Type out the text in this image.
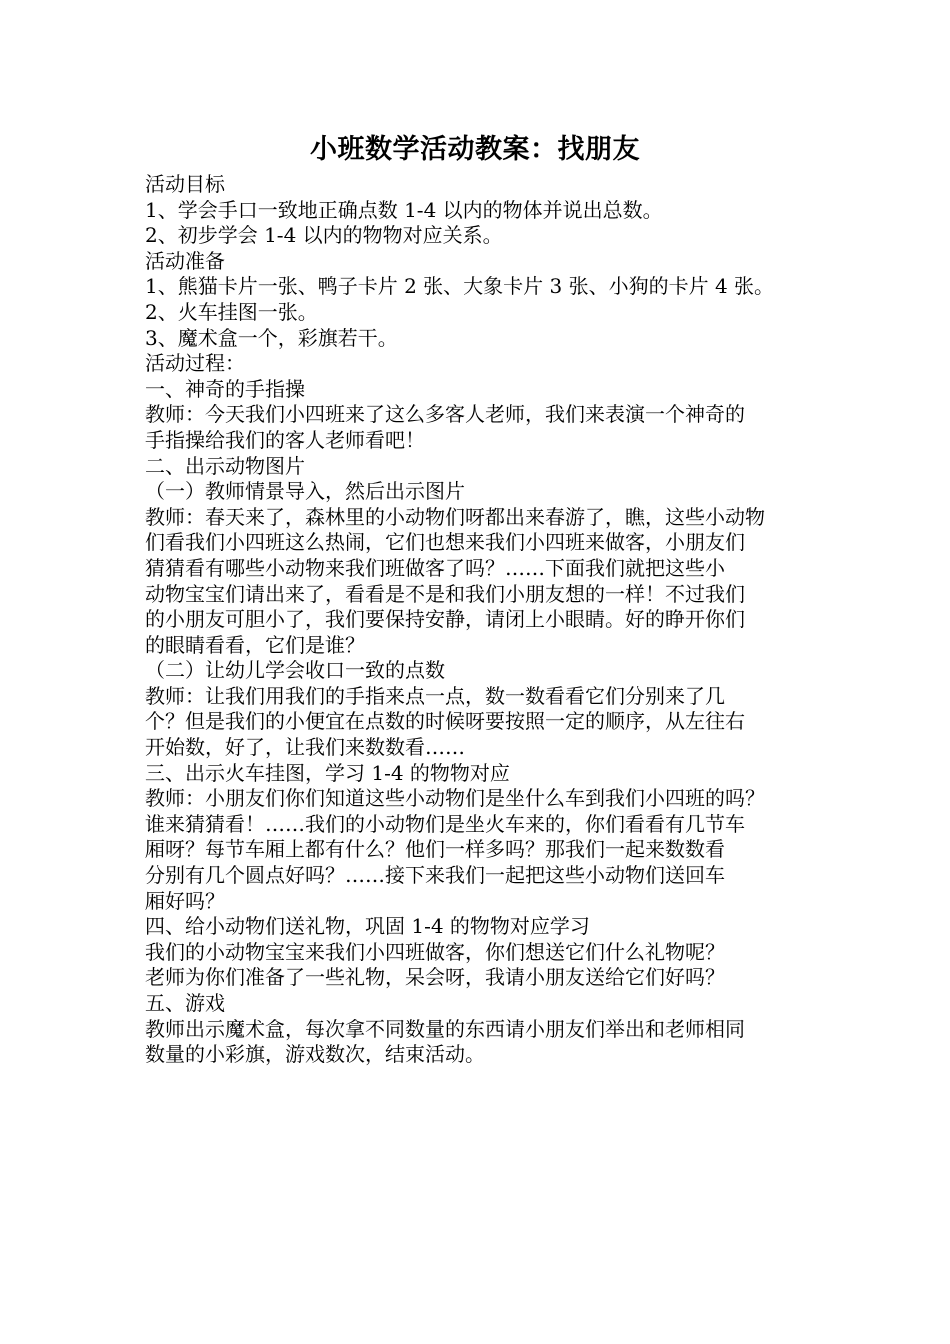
小班数学活动教案：找朋友
活动目标
1、学会手口一致地正确点数 1-4 以内的物体并说出总数。
2、初步学会 1-4 以内的物物对应关系。
活动准备
1、熊猫卡片一张、鸭子卡片 2 张、大象卡片 3 张、小狗的卡片 4 张。
2、火车挂图一张。
3、魔术盒一个，彩旗若干。
活动过程：
一、神奇的手指操
教师：今天我们小四班来了这么多客人老师，我们来表演一个神奇的
手指操给我们的客人老师看吧！
二、出示动物图片
（一）教师情景导入，然后出示图片
教师：春天来了，森林里的小动物们呀都出来春游了，瞧，这些小动物
们看我们小四班这么热闹，它们也想来我们小四班来做客，小朋友们
猜猜看有哪些小动物来我们班做客了吗？……下面我们就把这些小
动物宝宝们请出来了，看看是不是和我们小朋友想的一样！不过我们
的小朋友可胆小了，我们要保持安静，请闭上小眼睛。好的睁开你们
的眼睛看看，它们是谁？
（二）让幼儿学会收口一致的点数
教师：让我们用我们的手指来点一点，数一数看看它们分别来了几
个？但是我们的小便宜在点数的时候呀要按照一定的顺序，从左往右
开始数，好了，让我们来数数看……
三、出示火车挂图，学习 1-4 的物物对应
教师：小朋友们你们知道这些小动物们是坐什么车到我们小四班的吗？
谁来猜猜看！……我们的小动物们是坐火车来的，你们看看有几节车
厢呀？每节车厢上都有什么？他们一样多吗？那我们一起来数数看
分别有几个圆点好吗？……接下来我们一起把这些小动物们送回车
厢好吗？
四、给小动物们送礼物，巩固 1-4 的物物对应学习
我们的小动物宝宝来我们小四班做客，你们想送它们什么礼物呢？
老师为你们准备了一些礼物，呆会呀，我请小朋友送给它们好吗？
五、游戏
教师出示魔术盒，每次拿不同数量的东西请小朋友们举出和老师相同
数量的小彩旗，游戏数次，结束活动。
